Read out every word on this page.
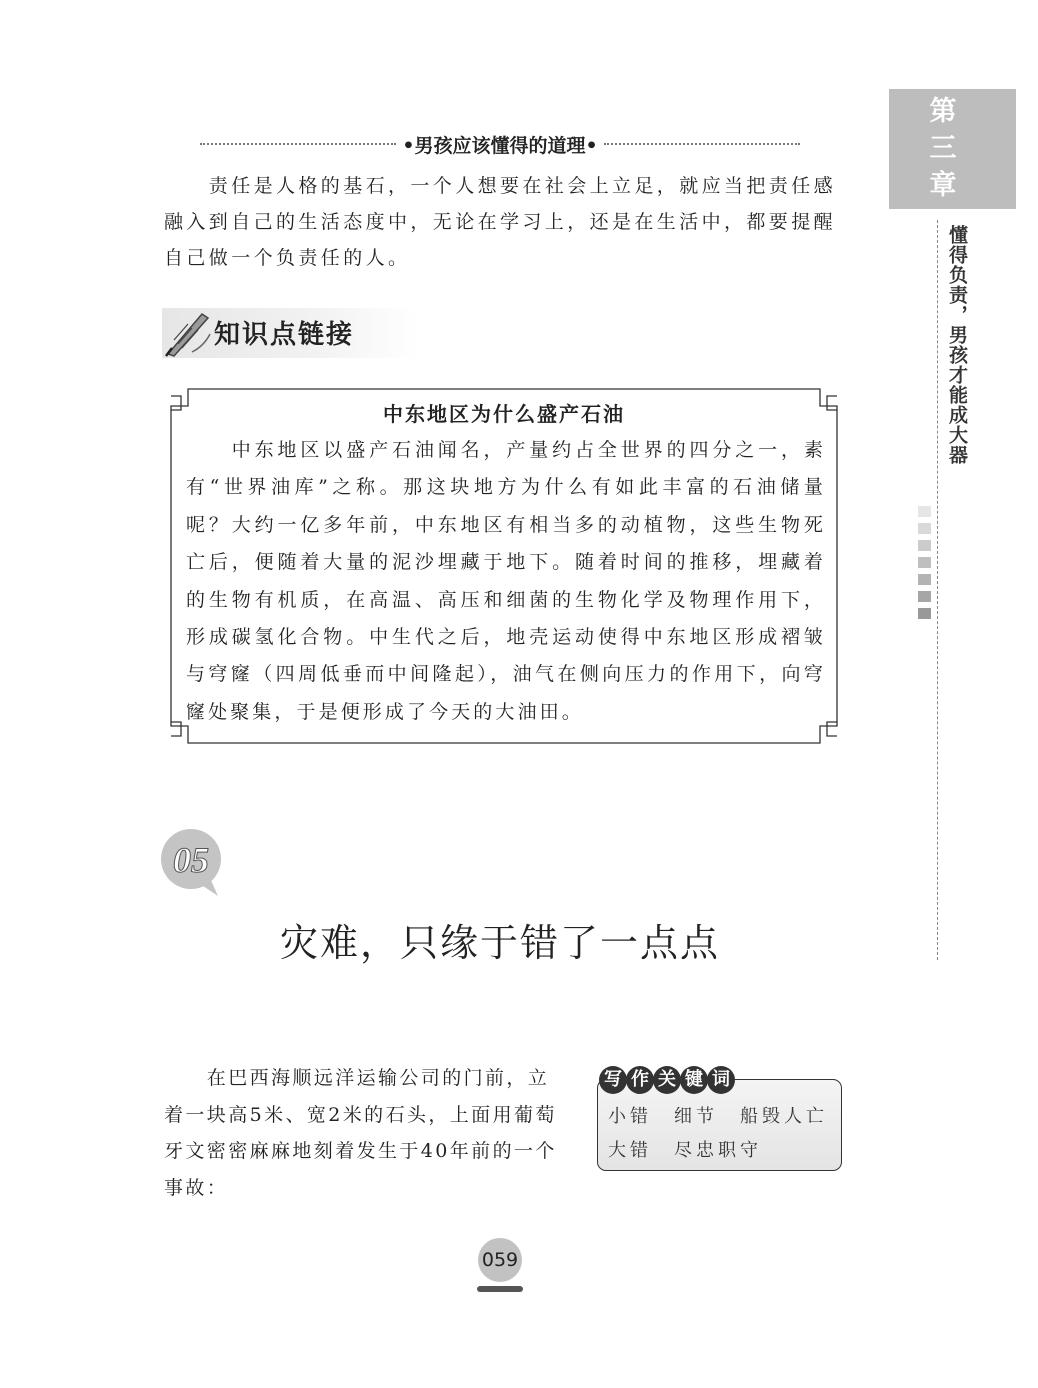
•男孩应该懂得的道理•
第
三
章
懂得负责，男孩才能成大器

　　责任是人格的基石，一个人想要在社会上立足，就应当把责任感融入到自己的生活态度中，无论在学习上，还是在生活中，都要提醒自己做一个负责任的人。

知识点链接
中东地区为什么盛产石油

　　中东地区以盛产石油闻名，产量约占全世界的四分之一，素有“世界油库”之称。那这块地方为什么有如此丰富的石油储量呢？大约一亿多年前，中东地区有相当多的动植物，这些生物死亡后，便随着大量的泥沙埋藏于地下。随着时间的推移，埋藏着的生物有机质，在高温、高压和细菌的生物化学及物理作用下，形成碳氢化合物。中生代之后，地壳运动使得中东地区形成褶皱与穹窿（四周低垂而中间隆起），油气在侧向压力的作用下，向穹窿处聚集，于是便形成了今天的大油田。

05
灾难，只缘于错了一点点

　　在巴西海顺远洋运输公司的门前，立着一块高5米、宽2米的石头，上面用葡萄牙文密密麻麻地刻着发生于40年前的一个事故：

小错　细节　船毁人亡
大错　尽忠职守
写 作 关 键 词
059
